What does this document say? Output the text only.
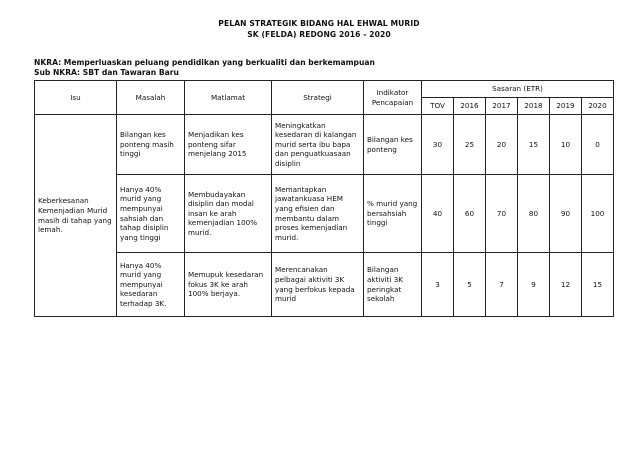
PELAN STRATEGIK BIDANG HAL EHWAL MURID
SK (FELDA) REDONG 2016 - 2020
NKRA: Memperluaskan peluang pendidikan yang berkualiti dan berkemampuan
Sub NKRA: SBT dan Tawaran Baru
Isu	Masalah	Matlamat	Strategi	Indikator Pencapaian	Sasaran (ETR)					
					TOV	2016	2017	2018	2019	2020
Keberkesanan Kemenjadian Murid masih di tahap yang lemah.	Bilangan kes ponteng masih tinggi	Menjadikan kes ponteng sifar menjelang 2015	Meningkatkan kesedaran di kalangan murid serta ibu bapa dan penguatkuasaan disiplin	Bilangan kes ponteng	30	25	20	15	10	0
	Hanya 40% murid yang mempunyai sahsiah dan tahap disiplin yang tinggi	Membudayakan disiplin dan modal insan ke arah kemenjadian 100% murid.	Memantapkan jawatankuasa HEM yang efisien dan membantu dalam proses kemenjadian murid.	% murid yang bersahsiah tinggi	40	60	70	80	90	100
	Hanya 40% murid yang mempunyai kesedaran terhadap 3K.	Memupuk kesedaran fokus 3K ke arah 100% berjaya.	Merencanakan pelbagai aktiviti 3K yang berfokus kepada murid	Bilangan aktiviti 3K peringkat sekolah	3	5	7	9	12	15
